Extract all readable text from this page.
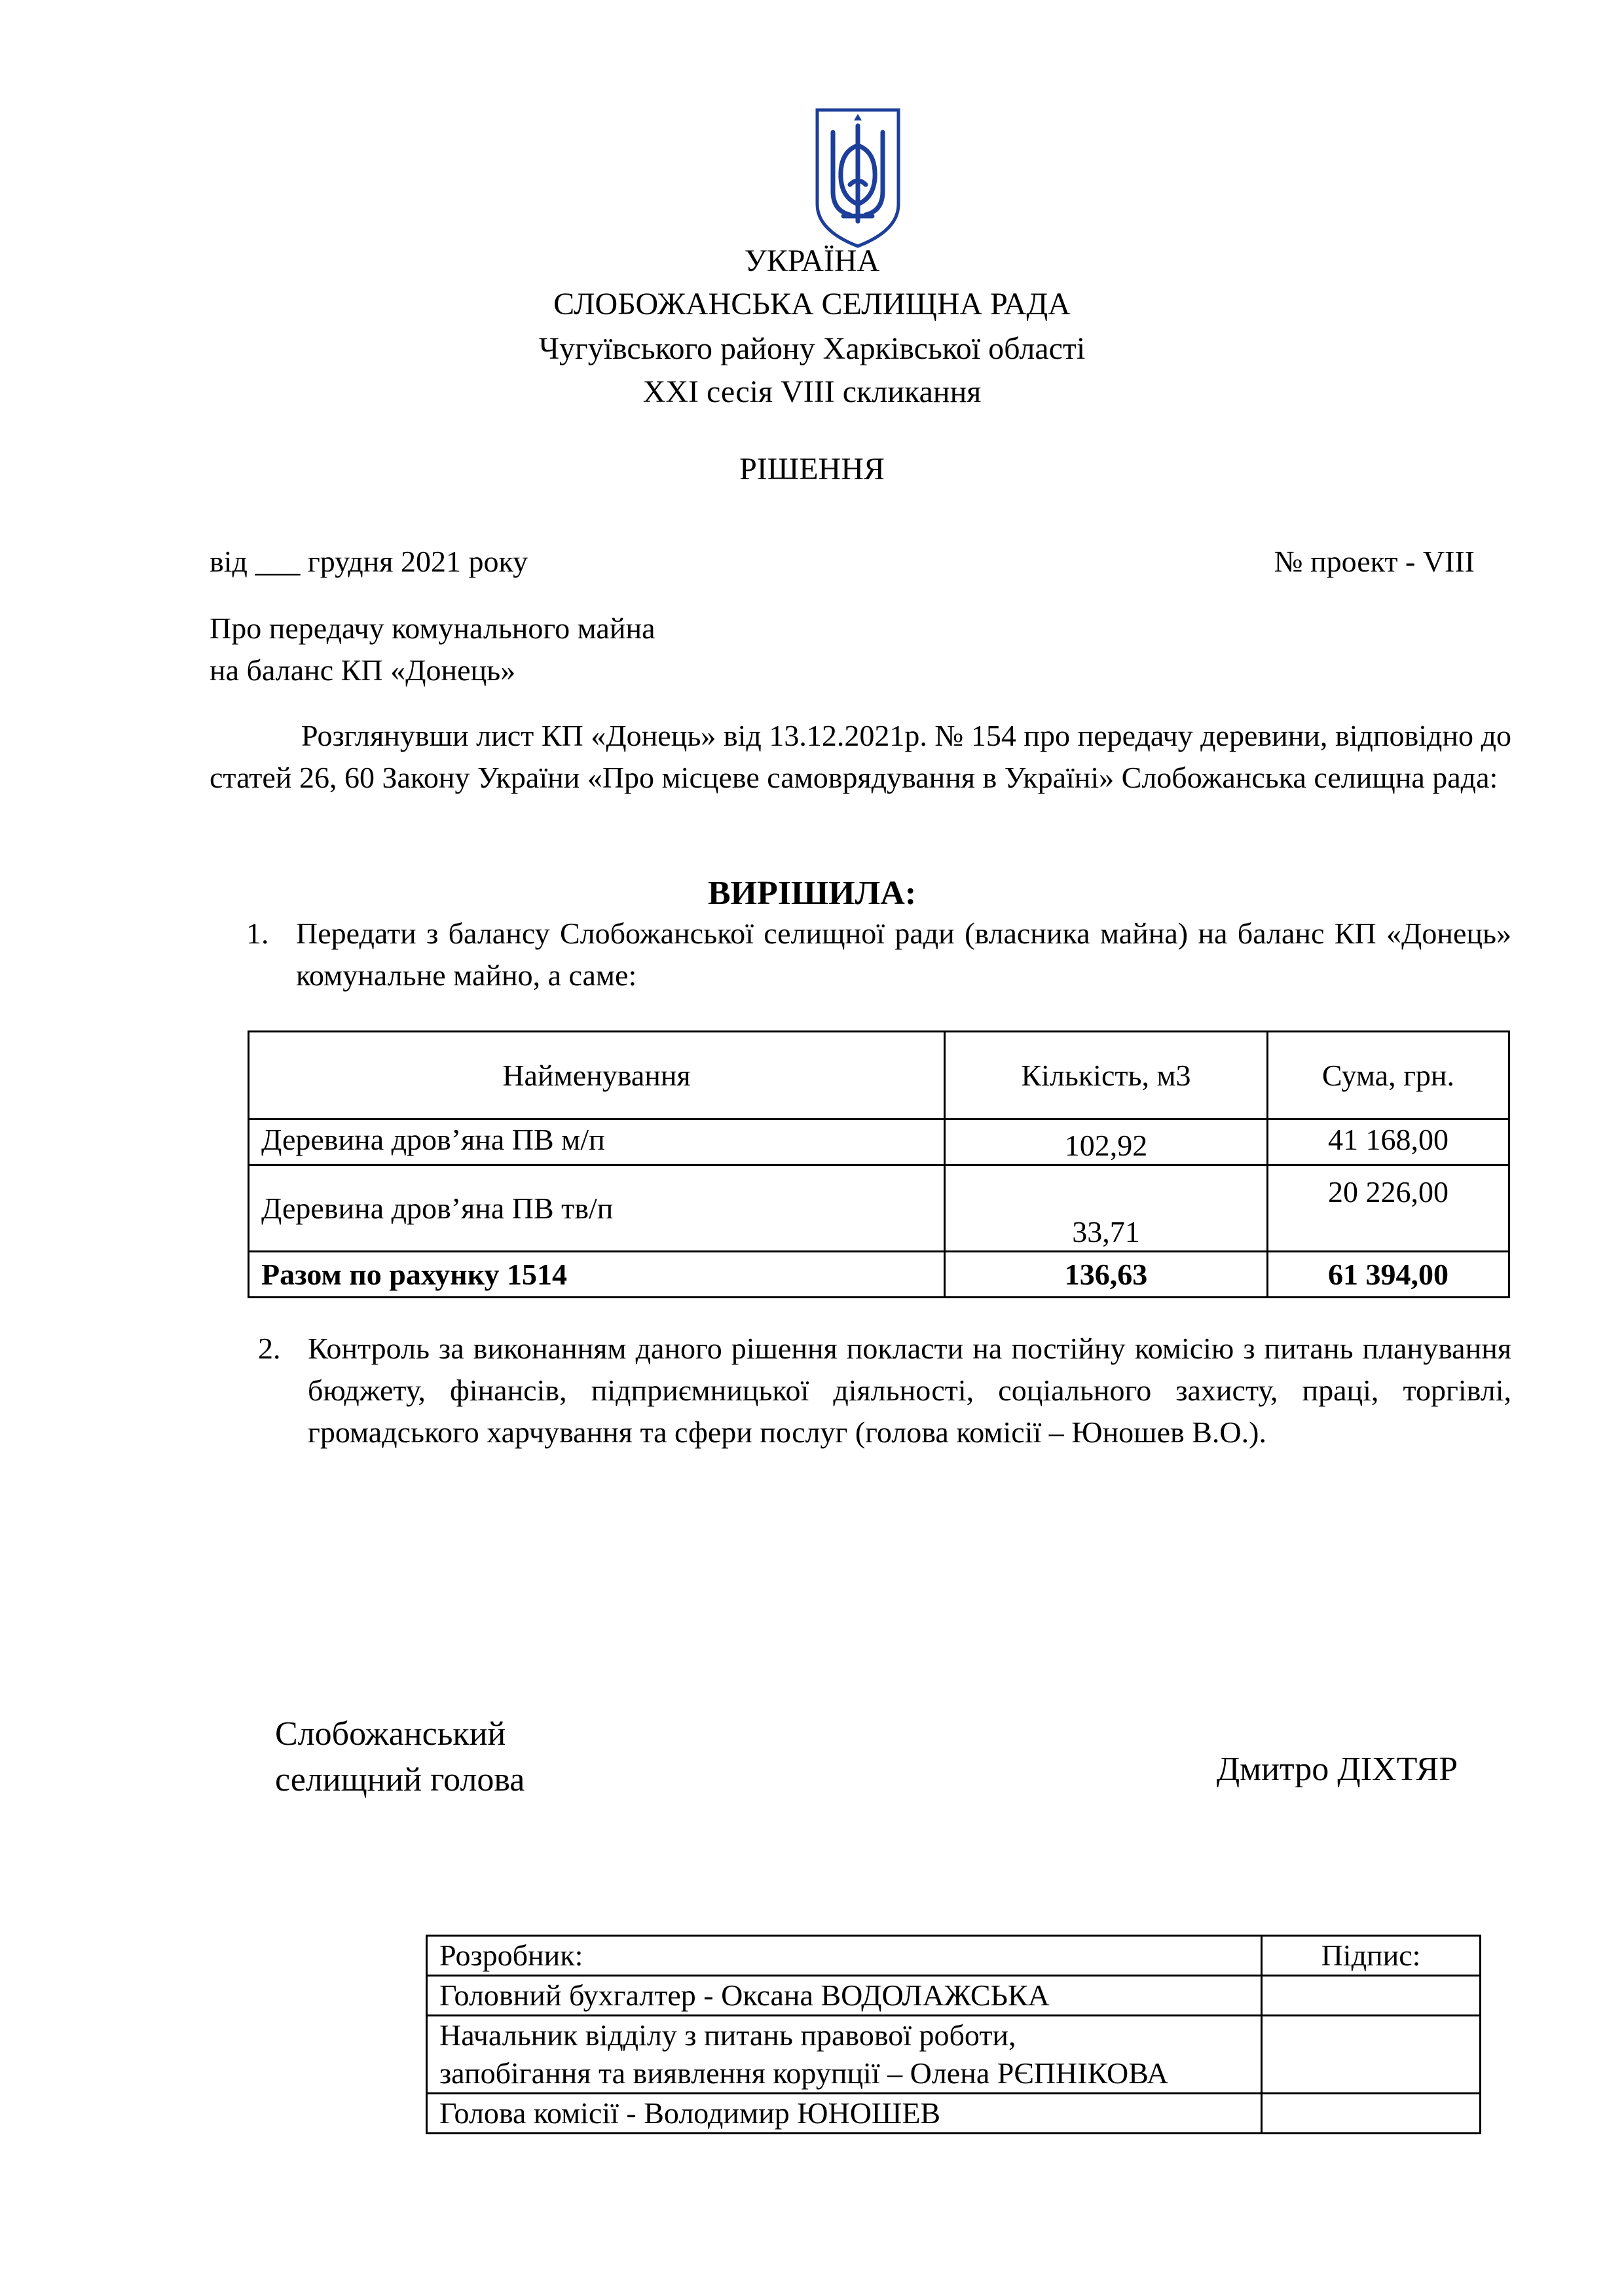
УКРАЇНА
СЛОБОЖАНСЬКА СЕЛИЩНА РАДА
Чугуївського району Харківської області
XXI сесія VIII скликання
РІШЕННЯ
від ___ грудня 2021 року	№ проект - VIII
Про передачу комунального майна
на баланс КП «Донець»
Розглянувши лист КП «Донець» від 13.12.2021р. № 154 про передачу деревини, відповідно до статей 26, 60 Закону України «Про місцеве самоврядування в Україні» Слобожанська селищна рада:
ВИРІШИЛА:
1. Передати з балансу Слобожанської селищної ради (власника майна) на баланс КП «Донець» комунальне майно, а саме:
Найменування	Кількість, м3	Сума, грн.
Деревина дров’яна ПВ м/п	102,92	41 168,00
Деревина дров’яна ПВ тв/п	33,71	20 226,00
Разом по рахунку 1514	136,63	61 394,00
2. Контроль за виконанням даного рішення покласти на постійну комісію з питань планування бюджету, фінансів, підприємницької діяльності, соціального захисту, праці, торгівлі, громадського харчування та сфери послуг (голова комісії – Юношев В.О.).
Слобожанський
селищний голова	Дмитро ДІХТЯР
Розробник:	Підпис:
Головний бухгалтер - Оксана ВОДОЛАЖСЬКА	

Начальник відділу з питань правової роботи,
запобігання та виявлення корупції – Олена РЄПНІКОВА	

Голова комісії - Володимир ЮНОШЕВ	
